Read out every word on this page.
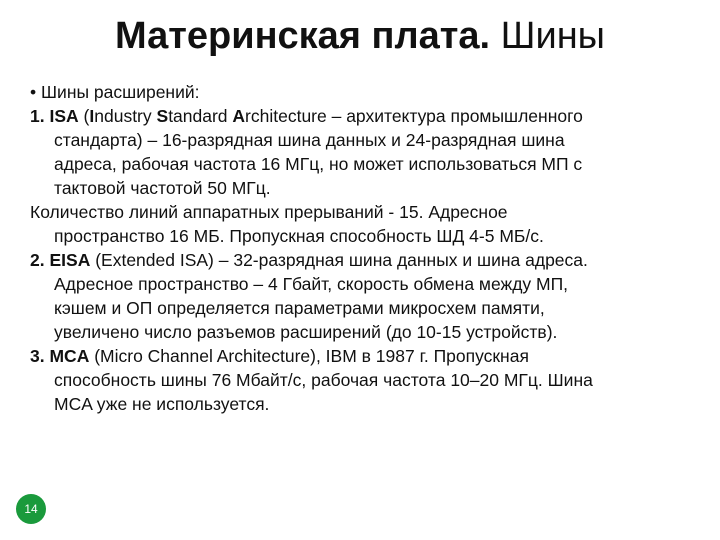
Материнская плата. Шины
• Шины расширений:
1. ISA (Industry Standard Architecture – архитектура промышленного
стандарта) – 16-разрядная шина данных и 24-разрядная шина
адреса, рабочая частота 16 МГц, но может использоваться МП с
тактовой частотой 50 МГц.
Количество линий аппаратных прерываний - 15. Адресное
пространство 16 МБ. Пропускная способность ШД 4-5 МБ/с.
2. EISA (Extended ISA) – 32-разрядная шина данных и шина адреса.
Адресное пространство – 4 Гбайт, скорость обмена между МП,
кэшем и ОП определяется параметрами микросхем памяти,
увеличено число разъемов расширений (до 10-15 устройств).
3. MCA (Micro Channel Architecture), IBM в 1987 г. Пропускная
способность шины 76 Мбайт/с, рабочая частота 10–20 МГц. Шина
MCA уже не используется.
14
